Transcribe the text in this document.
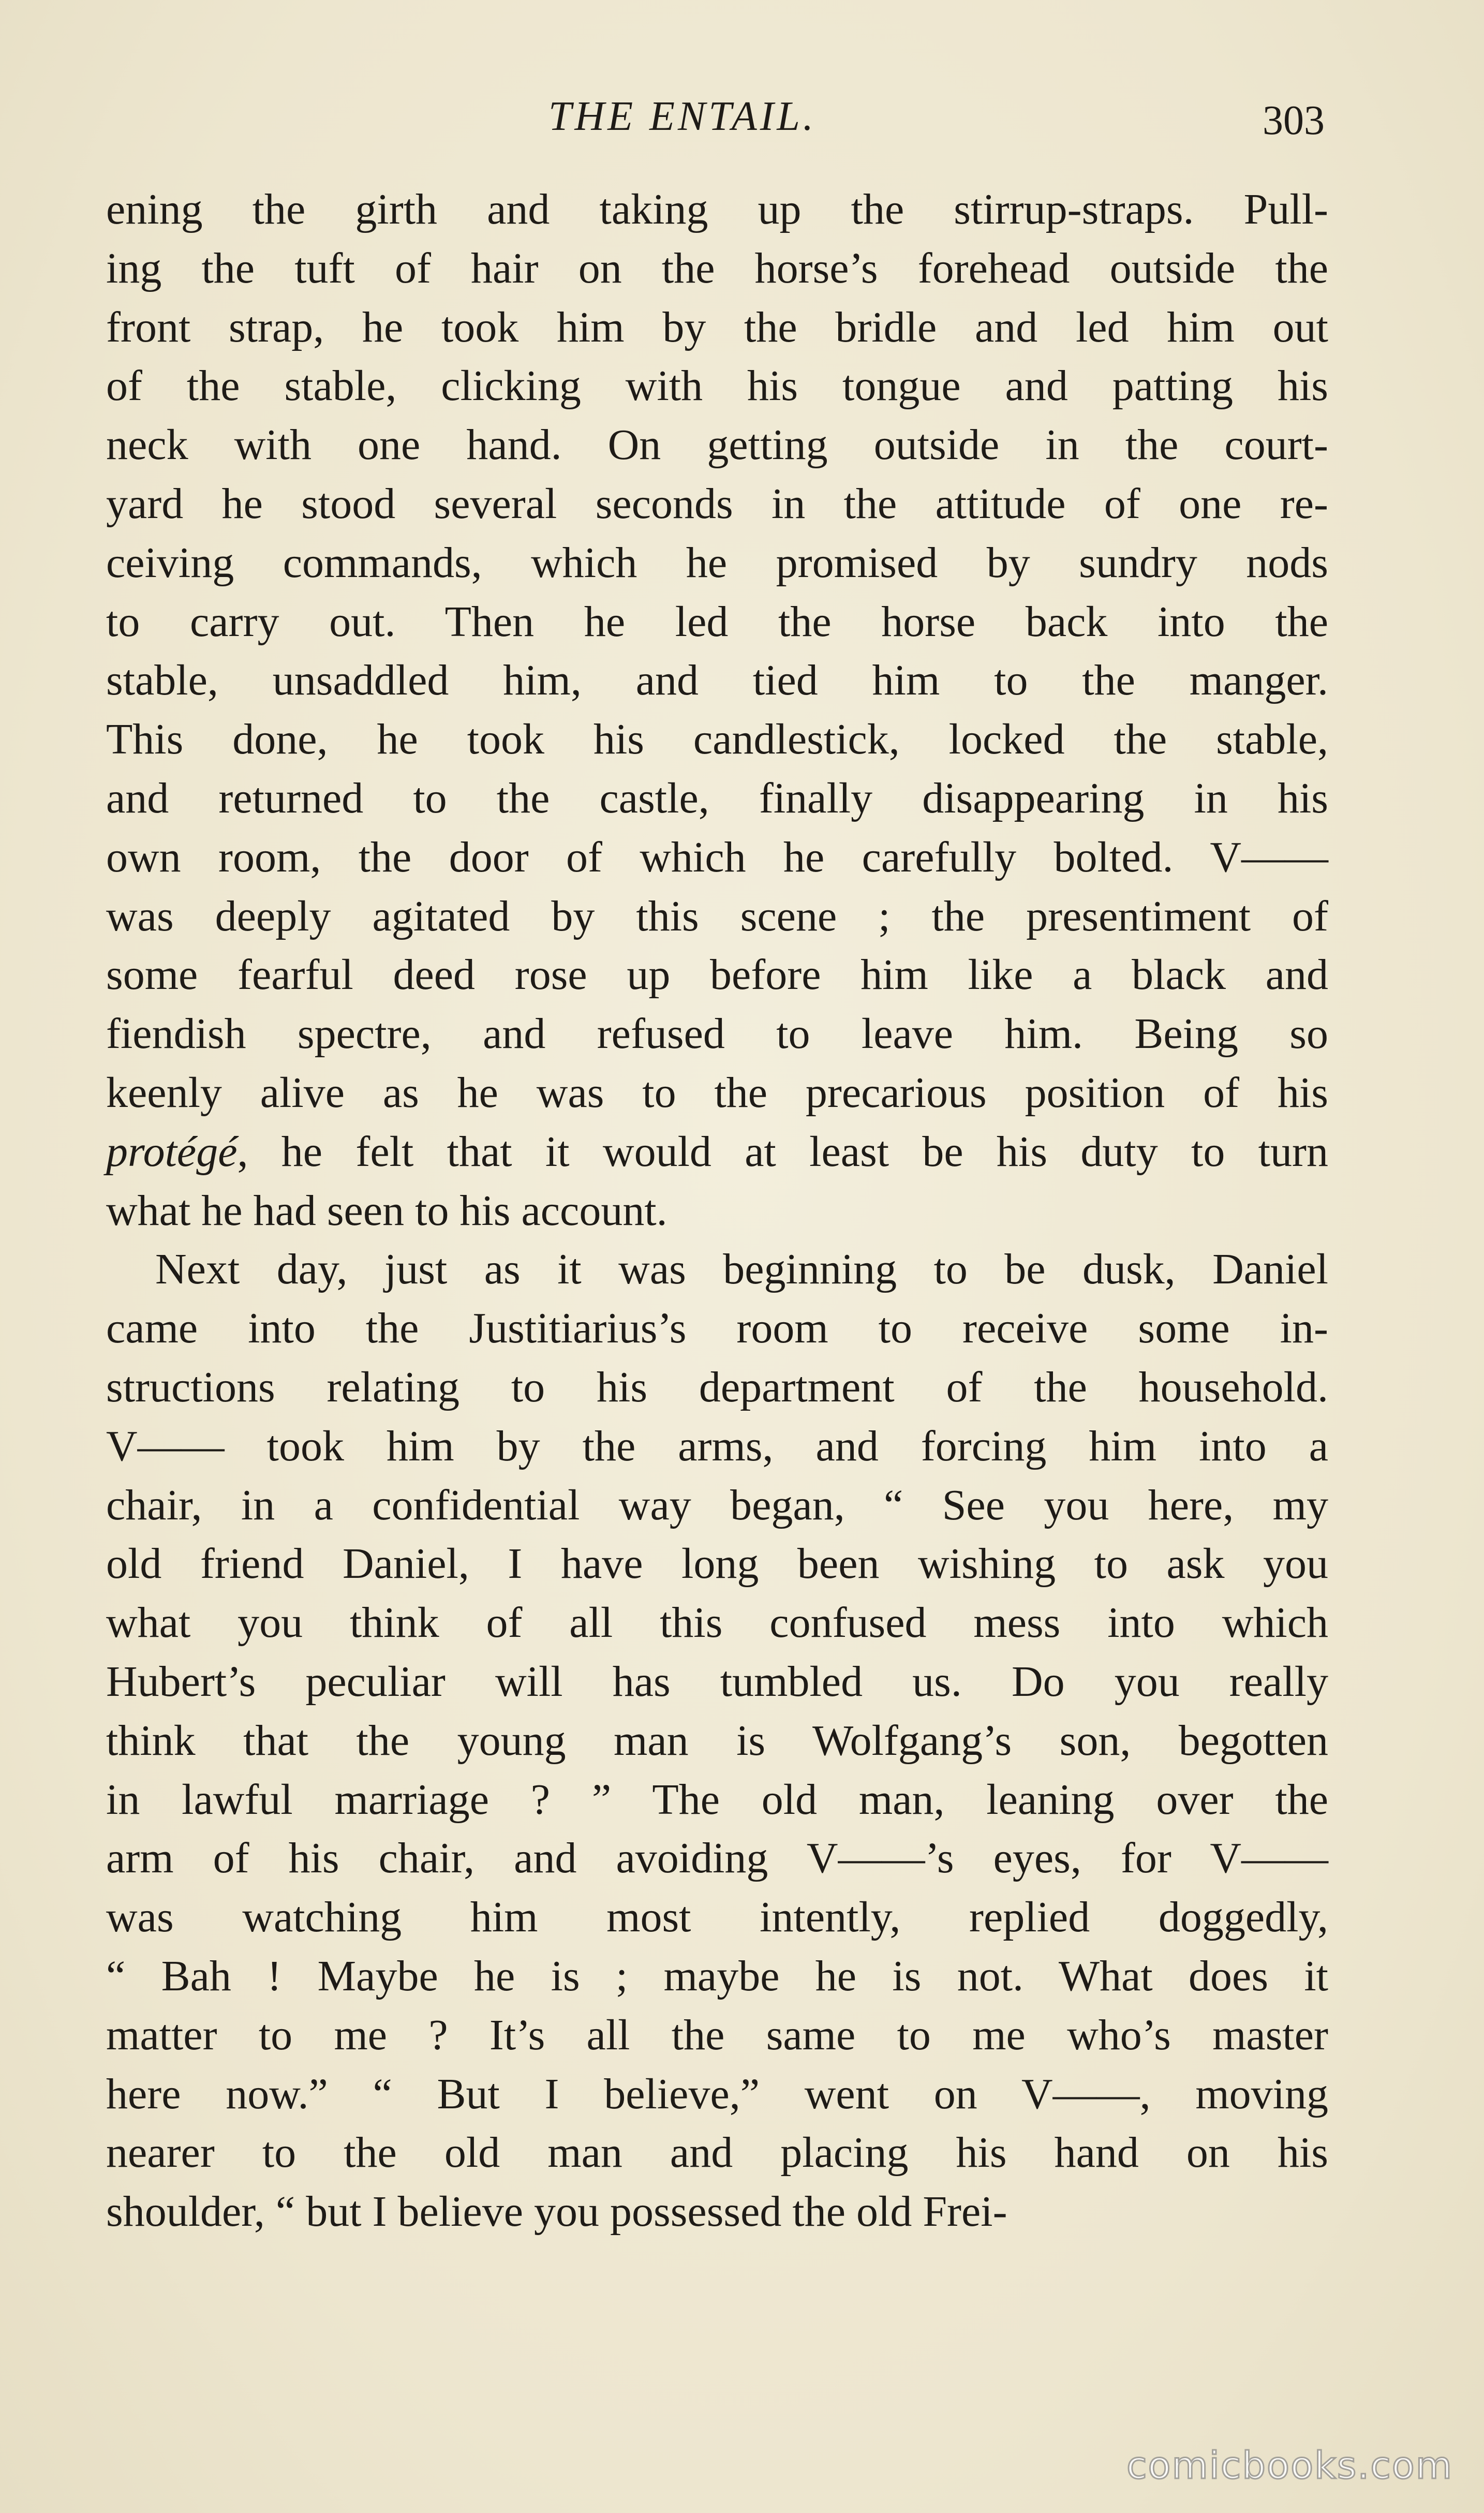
THE ENTAIL.	303
ening the girth and taking up the stirrup-straps. Pull-
ing the tuft of hair on the horse’s forehead outside the
front strap, he took him by the bridle and led him out
of the stable, clicking with his tongue and patting his
neck with one hand. On getting outside in the court-
yard he stood several seconds in the attitude of one re-
ceiving commands, which he promised by sundry nods
to carry out. Then he led the horse back into the
stable, unsaddled him, and tied him to the manger.
This done, he took his candlestick, locked the stable,
and returned to the castle, finally disappearing in his
own room, the door of which he carefully bolted. V——
was deeply agitated by this scene ; the presentiment of
some fearful deed rose up before him like a black and
fiendish spectre, and refused to leave him. Being so
keenly alive as he was to the precarious position of his
protégé, he felt that it would at least be his duty to turn
what he had seen to his account.
Next day, just as it was beginning to be dusk, Daniel
came into the Justitiarius’s room to receive some in-
structions relating to his department of the household.
V—— took him by the arms, and forcing him into a
chair, in a confidential way began, “ See you here, my
old friend Daniel, I have long been wishing to ask you
what you think of all this confused mess into which
Hubert’s peculiar will has tumbled us. Do you really
think that the young man is Wolfgang’s son, begotten
in lawful marriage ? ” The old man, leaning over the
arm of his chair, and avoiding V——’s eyes, for V——
was watching him most intently, replied doggedly,
“ Bah ! Maybe he is ; maybe he is not. What does it
matter to me ? It’s all the same to me who’s master
here now.” “ But I believe,” went on V——, moving
nearer to the old man and placing his hand on his
shoulder, “ but I believe you possessed the old Frei-
comicbooks.com
